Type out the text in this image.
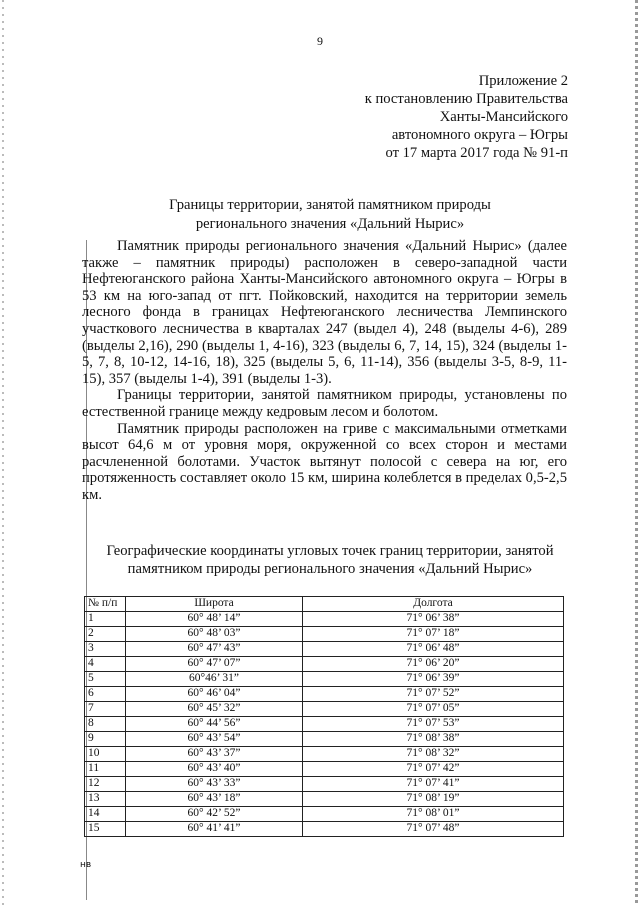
9
Приложение 2
к постановлению Правительства
Ханты-Мансийского
автономного округа – Югры
от 17 марта 2017 года № 91-п
Границы территории, занятой памятником природы
регионального значения «Дальний Нырис»

Памятник природы регионального значения «Дальний Нырис» (далее также – памятник природы) расположен в северо-западной части Нефтеюганского района Ханты-Мансийского автономного округа – Югры в 53 км на юго-запад от пгт. Пойковский, находится на территории земель лесного фонда в границах Нефтеюганского лесничества Лемпинского участкового лесничества в кварталах 247 (выдел 4), 248 (выделы 4-6), 289 (выделы 2,16), 290 (выделы 1, 4-16), 323 (выделы 6, 7, 14, 15), 324 (выделы 1-5, 7, 8, 10-12, 14-16, 18), 325 (выделы 5, 6, 11-14), 356 (выделы 3-5, 8-9, 11-15), 357 (выделы 1-4), 391 (выделы 1-3).

Границы территории, занятой памятником природы, установлены по естественной границе между кедровым лесом и болотом.

Памятник природы расположен на гриве с максимальными отметками высот 64,6 м от уровня моря, окруженной со всех сторон и местами расчлененной болотами. Участок вытянут полосой с севера на юг, его протяженность составляет около 15 км, ширина колеблется в пределах 0,5-2,5 км.

Географические координаты угловых точек границ территории, занятой
памятником природы регионального значения «Дальний Нырис»
№ п/п	Широта	Долгота
1	60° 48’ 14”	71° 06’ 38”
2	60° 48’ 03”	71° 07’ 18”
3	60° 47’ 43”	71° 06’ 48”
4	60° 47’ 07”	71° 06’ 20”
5	60°46’ 31”	71° 06’ 39”
6	60° 46’ 04”	71° 07’ 52”
7	60° 45’ 32”	71° 07’ 05”
8	60° 44’ 56”	71° 07’ 53”
9	60° 43’ 54”	71° 08’ 38”
10	60° 43’ 37”	71° 08’ 32”
11	60° 43’ 40”	71° 07’ 42”
12	60° 43’ 33”	71° 07’ 41”
13	60° 43’ 18”	71° 08’ 19”
14	60° 42’ 52”	71° 08’ 01”
15	60° 41’ 41”	71° 07’ 48”
нв
